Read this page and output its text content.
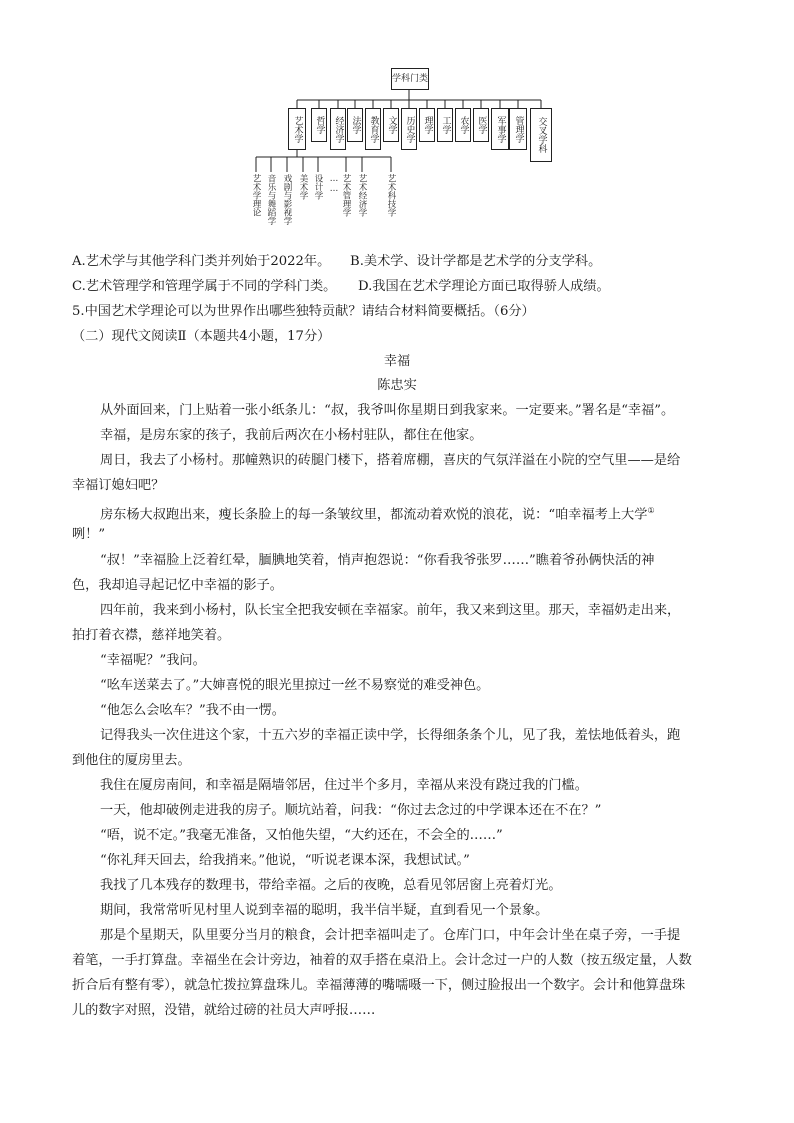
学科门类
艺术学 哲学 经济学 法学 教育学 文学 历史学 理学 工学 农学 医学 军事学 管理学 交叉学科
艺术学理论 音乐与舞蹈学 戏剧与影视学 美术学 设计学 …… 艺术管理学 艺术经济学 艺术科技学
A.艺术学与其他学科门类并列始于2022年。 B.美术学、设计学都是艺术学的分支学科。
C.艺术管理学和管理学属于不同的学科门类。 D.我国在艺术学理论方面已取得骄人成绩。
5.中国艺术学理论可以为世界作出哪些独特贡献？请结合材料简要概括。（6分）
（二）现代文阅读Ⅱ（本题共4小题，17分）
幸福
陈忠实
从外面回来，门上贴着一张小纸条儿：“叔，我爷叫你星期日到我家来。一定要来。”署名是“幸福”。
幸福，是房东家的孩子，我前后两次在小杨村驻队，都住在他家。
周日，我去了小杨村。那幢熟识的砖腿门楼下，搭着席棚，喜庆的气氛洋溢在小院的空气里——是给
幸福订媳妇吧？
房东杨大叔跑出来，瘦长条脸上的每一条皱纹里，都流动着欢悦的浪花，说：“咱幸福考上大学①
咧！”
“叔！”幸福脸上泛着红晕，腼腆地笑着，悄声抱怨说：“你看我爷张罗……”瞧着爷孙俩快活的神
色，我却追寻起记忆中幸福的影子。
四年前，我来到小杨村，队长宝全把我安顿在幸福家。前年，我又来到这里。那天，幸福奶走出来，
拍打着衣襟，慈祥地笑着。
“幸福呢？”我问。
“吆车送菜去了。”大婶喜悦的眼光里掠过一丝不易察觉的难受神色。
“他怎么会吆车？”我不由一愣。
记得我头一次住进这个家，十五六岁的幸福正读中学，长得细条条个儿，见了我，羞怯地低着头，跑
到他住的厦房里去。
我住在厦房南间，和幸福是隔墙邻居，住过半个多月，幸福从来没有跷过我的门槛。
一天，他却破例走进我的房子。顺坑站着，问我：“你过去念过的中学课本还在不在？”
“唔，说不定。”我毫无准备，又怕他失望，“大约还在，不会全的……”
“你礼拜天回去，给我捎来。”他说，“听说老课本深，我想试试。”
我找了几本残存的数理书，带给幸福。之后的夜晚，总看见邻居窗上亮着灯光。
期间，我常常听见村里人说到幸福的聪明，我半信半疑，直到看见一个景象。
那是个星期天，队里要分当月的粮食，会计把幸福叫走了。仓库门口，中年会计坐在桌子旁，一手提
着笔，一手打算盘。幸福坐在会计旁边，袖着的双手搭在桌沿上。会计念过一户的人数（按五级定量，人数
折合后有整有零），就急忙拨拉算盘珠儿。幸福薄薄的嘴嚅嗫一下，侧过脸报出一个数字。会计和他算盘珠
儿的数字对照，没错，就给过磅的社员大声呼报……
